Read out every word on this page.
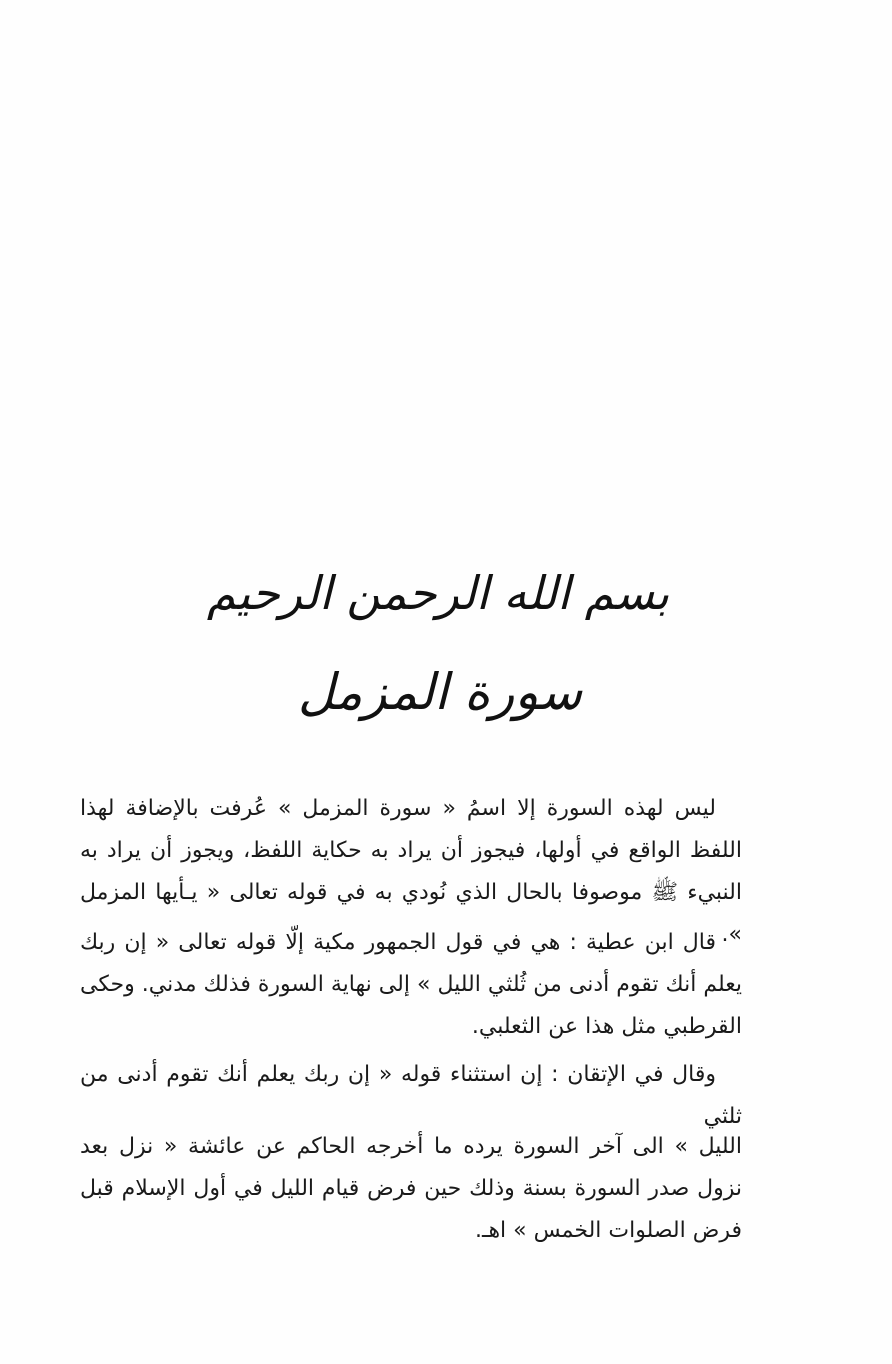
بسم الله الرحمن الرحيم
سورة المزمل

ليس لهذه السورة إلا اسمُ « سورة المزمل » عُرفت بالإضافة لهذا اللفظ الواقع في أولها، فيجوز أن يراد به حكاية اللفظ، ويجوز أن يراد به النبيء ﷺ موصوفا بالحال الذي نُودي به في قوله تعالى « يـأيها المزمل ».

قال ابن عطية : هي في قول الجمهور مكية إلّا قوله تعالى « إن ربك يعلم أنك تقوم أدنى من ثُلثي الليل » إلى نهاية السورة فذلك مدني. وحكى القرطبي مثل هذا عن الثعلبي.

وقال في الإتقان : إن استثناء قوله « إن ربك يعلم أنك تقوم أدنى من ثلثي

الليل » الى آخر السورة يرده ما أخرجه الحاكم عن عائشة « نزل بعد نزول صدر السورة بسنة وذلك حين فرض قيام الليل في أول الإسلام قبل فرض الصلوات الخمس » اهـ.
